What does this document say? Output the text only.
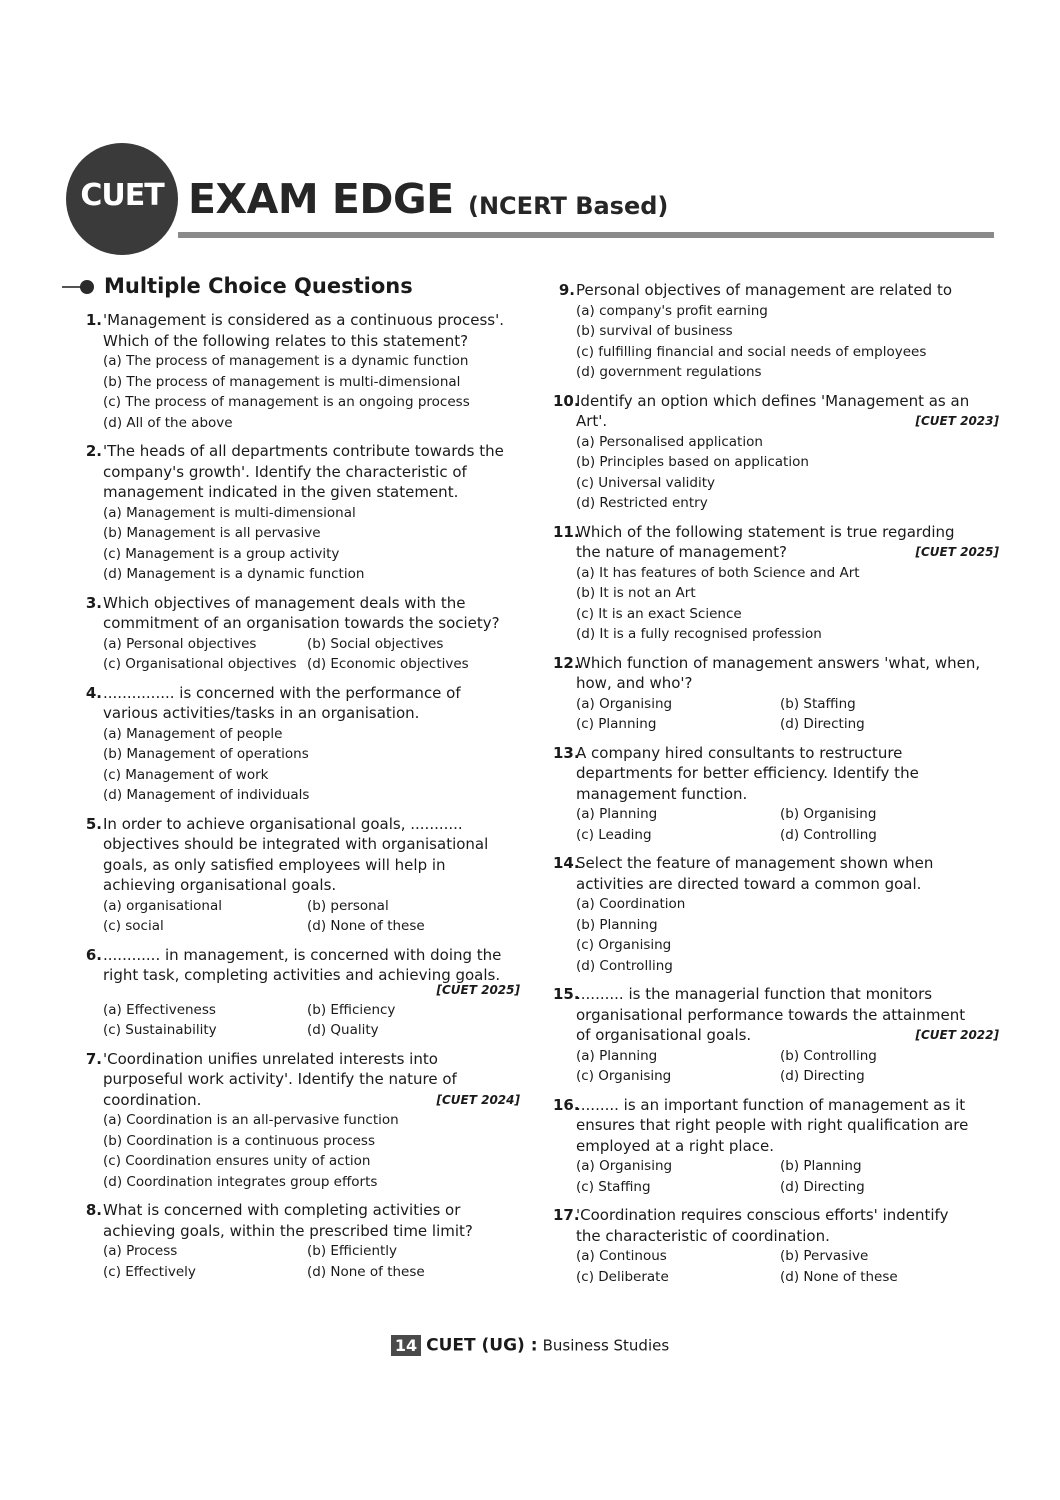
CUET EXAM EDGE (NCERT Based)
Multiple Choice Questions
1. 'Management is considered as a continuous process'.

Which of the following relates to this statement?

(a) The process of management is a dynamic function
(b) The process of management is multi-dimensional
(c) The process of management is an ongoing process
(d) All of the above
2. 'The heads of all departments contribute towards the

company's growth'. Identify the characteristic of

management indicated in the given statement.

(a) Management is multi-dimensional
(b) Management is all pervasive
(c) Management is a group activity
(d) Management is a dynamic function
3. Which objectives of management deals with the

commitment of an organisation towards the society?

(a) Personal objectives	(b) Social objectives
(c) Organisational objectives (d) Economic objectives
4. ............... is concerned with the performance of

various activities/tasks in an organisation.

(a) Management of people
(b) Management of operations
(c) Management of work
(d) Management of individuals
5. In order to achieve organisational goals, ...........

objectives should be integrated with organisational

goals, as only satisfied employees will help in

achieving organisational goals.

(a) organisational	(b) personal
(c) social	(d) None of these
6. ............ in management, is concerned with doing the

right task, completing activities and achieving goals.

[CUET 2025]
(a) Effectiveness	(b) Efficiency
(c) Sustainability	(d) Quality
7. 'Coordination unifies unrelated interests into

purposeful work activity'. Identify the nature of

[CUET 2024]
coordination.

(a) Coordination is an all-pervasive function
(b) Coordination is a continuous process
(c) Coordination ensures unity of action
(d) Coordination integrates group efforts
8. What is concerned with completing activities or

achieving goals, within the prescribed time limit?

(a) Process	(b) Efficiently
(c) Effectively	(d) None of these
9. Personal objectives of management are related to

(a) company's profit earning
(b) survival of business
(c) fulfilling financial and social needs of employees
(d) government regulations
10.

Identify an option which defines 'Management as an

[CUET 2023]
Art'.

(a) Personalised application
(b) Principles based on application
(c) Universal validity
(d) Restricted entry
11.

Which of the following statement is true regarding

[CUET 2025]
the nature of management?

(a) It has features of both Science and Art
(b) It is not an Art
(c) It is an exact Science
(d) It is a fully recognised profession
12.

Which function of management answers 'what, when,

how, and who'?

(a) Organising	(b) Staffing
(c) Planning	(d) Directing
13.

A company hired consultants to restructure

departments for better efficiency. Identify the

management function.

(a) Planning	(b) Organising
(c) Leading	(d) Controlling
14.

Select the feature of management shown when

activities are directed toward a common goal.

(a) Coordination
(b) Planning
(c) Organising
(d) Controlling
15.

.......... is the managerial function that monitors

organisational performance towards the attainment

[CUET 2022]
of organisational goals.

(a) Planning	(b) Controlling
(c) Organising	(d) Directing
16.

......... is an important function of management as it

ensures that right people with right qualification are

employed at a right place.

(a) Organising	(b) Planning
(c) Staffing	(d) Directing
17.

'Coordination requires conscious efforts' indentify

the characteristic of coordination.

(a) Continous	(b) Pervasive
(c) Deliberate	(d) None of these
14 CUET (UG) : Business Studies
